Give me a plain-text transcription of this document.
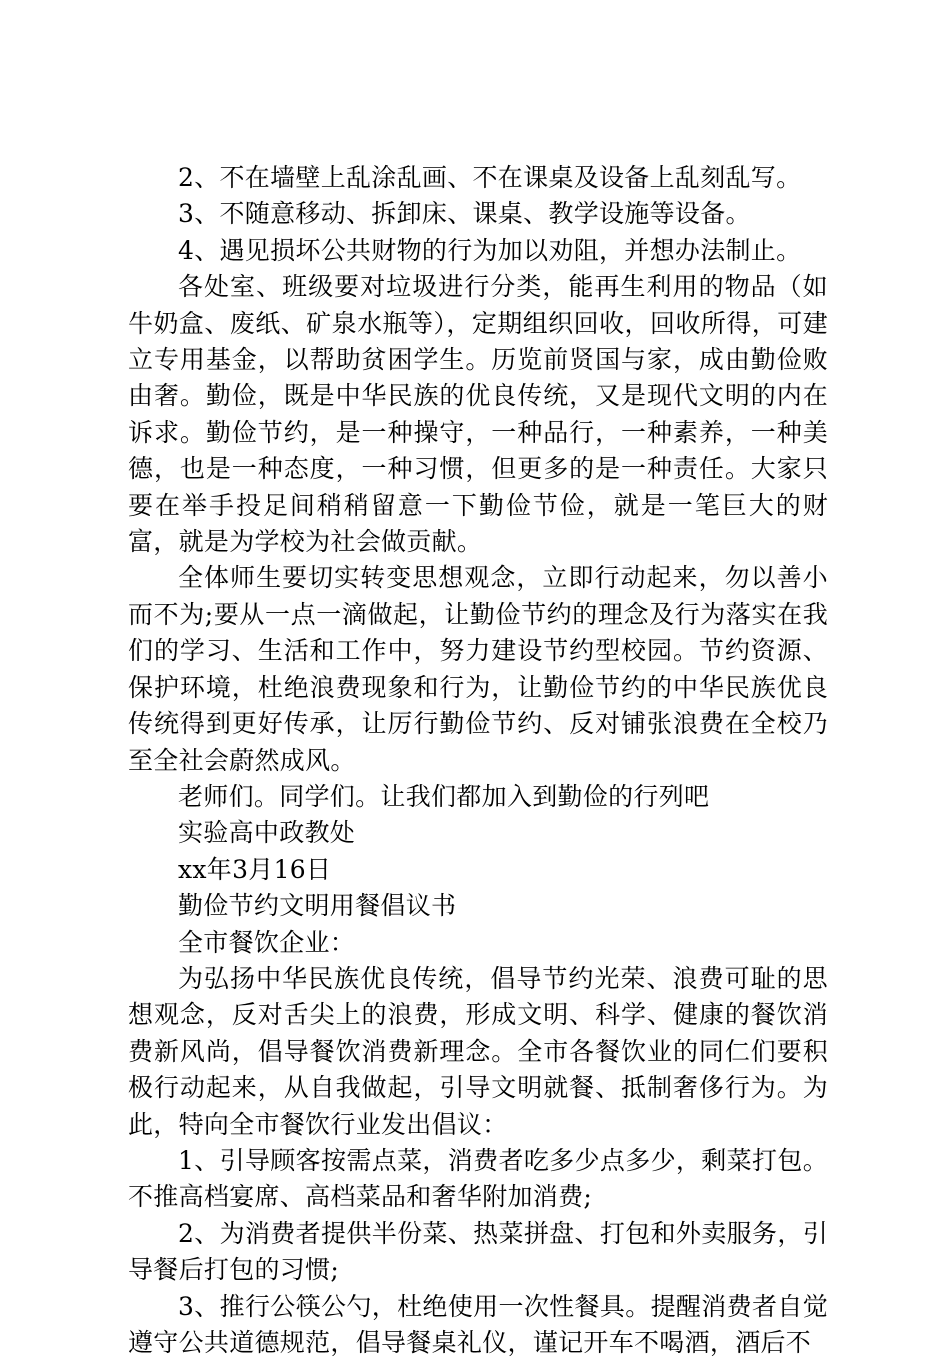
2、不在墙壁上乱涂乱画、不在课桌及设备上乱刻乱写。

3、不随意移动、拆卸床、课桌、教学设施等设备。

4、遇见损坏公共财物的行为加以劝阻，并想办法制止。

各处室、班级要对垃圾进行分类，能再生利用的物品（如牛奶盒、废纸、矿泉水瓶等），定期组织回收，回收所得，可建立专用基金，以帮助贫困学生。历览前贤国与家，成由勤俭败由奢。勤俭，既是中华民族的优良传统，又是现代文明的内在诉求。勤俭节约，是一种操守，一种品行，一种素养，一种美德，也是一种态度，一种习惯，但更多的是一种责任。大家只要在举手投足间稍稍留意一下勤俭节俭，就是一笔巨大的财富，就是为学校为社会做贡献。

全体师生要切实转变思想观念，立即行动起来，勿以善小而不为;要从一点一滴做起，让勤俭节约的理念及行为落实在我们的学习、生活和工作中，努力建设节约型校园。节约资源、保护环境，杜绝浪费现象和行为，让勤俭节约的中华民族优良传统得到更好传承，让厉行勤俭节约、反对铺张浪费在全校乃至全社会蔚然成风。

老师们。同学们。让我们都加入到勤俭的行列吧

实验高中政教处

xx年3月16日

勤俭节约文明用餐倡议书

全市餐饮企业：

为弘扬中华民族优良传统，倡导节约光荣、浪费可耻的思想观念，反对舌尖上的浪费，形成文明、科学、健康的餐饮消费新风尚，倡导餐饮消费新理念。全市各餐饮业的同仁们要积极行动起来，从自我做起，引导文明就餐、抵制奢侈行为。为此，特向全市餐饮行业发出倡议：

1、引导顾客按需点菜，消费者吃多少点多少，剩菜打包。不推高档宴席、高档菜品和奢华附加消费;

2、为消费者提供半份菜、热菜拼盘、打包和外卖服务，引导餐后打包的习惯;

3、推行公筷公勺，杜绝使用一次性餐具。提醒消费者自觉遵守公共道德规范，倡导餐桌礼仪，谨记开车不喝酒，酒后不
